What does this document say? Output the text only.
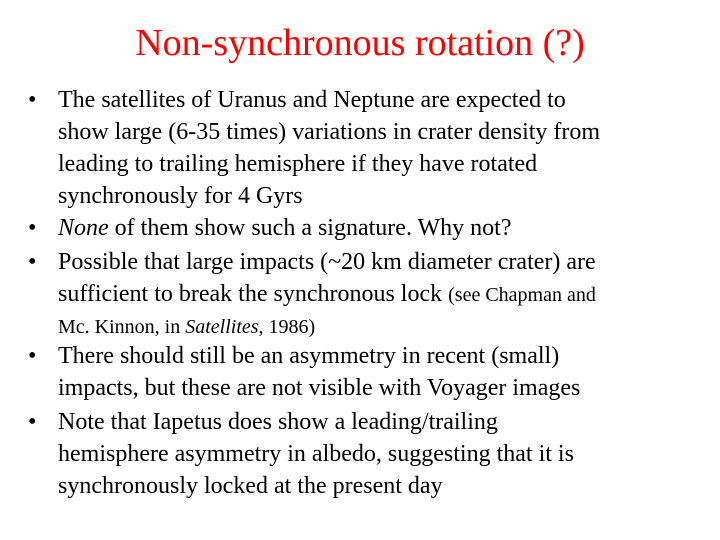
Non-synchronous rotation (?)
• The satellites of Uranus and Neptune are expected to
show large (6-35 times) variations in crater density from
leading to trailing hemisphere if they have rotated
synchronously for 4 Gyrs
• None of them show such a signature. Why not?
• Possible that large impacts (~20 km diameter crater) are
sufficient to break the synchronous lock (see Chapman and
Mc. Kinnon, in Satellites, 1986)
• There should still be an asymmetry in recent (small)
impacts, but these are not visible with Voyager images
• Note that Iapetus does show a leading/trailing
hemisphere asymmetry in albedo, suggesting that it is
synchronously locked at the present day
